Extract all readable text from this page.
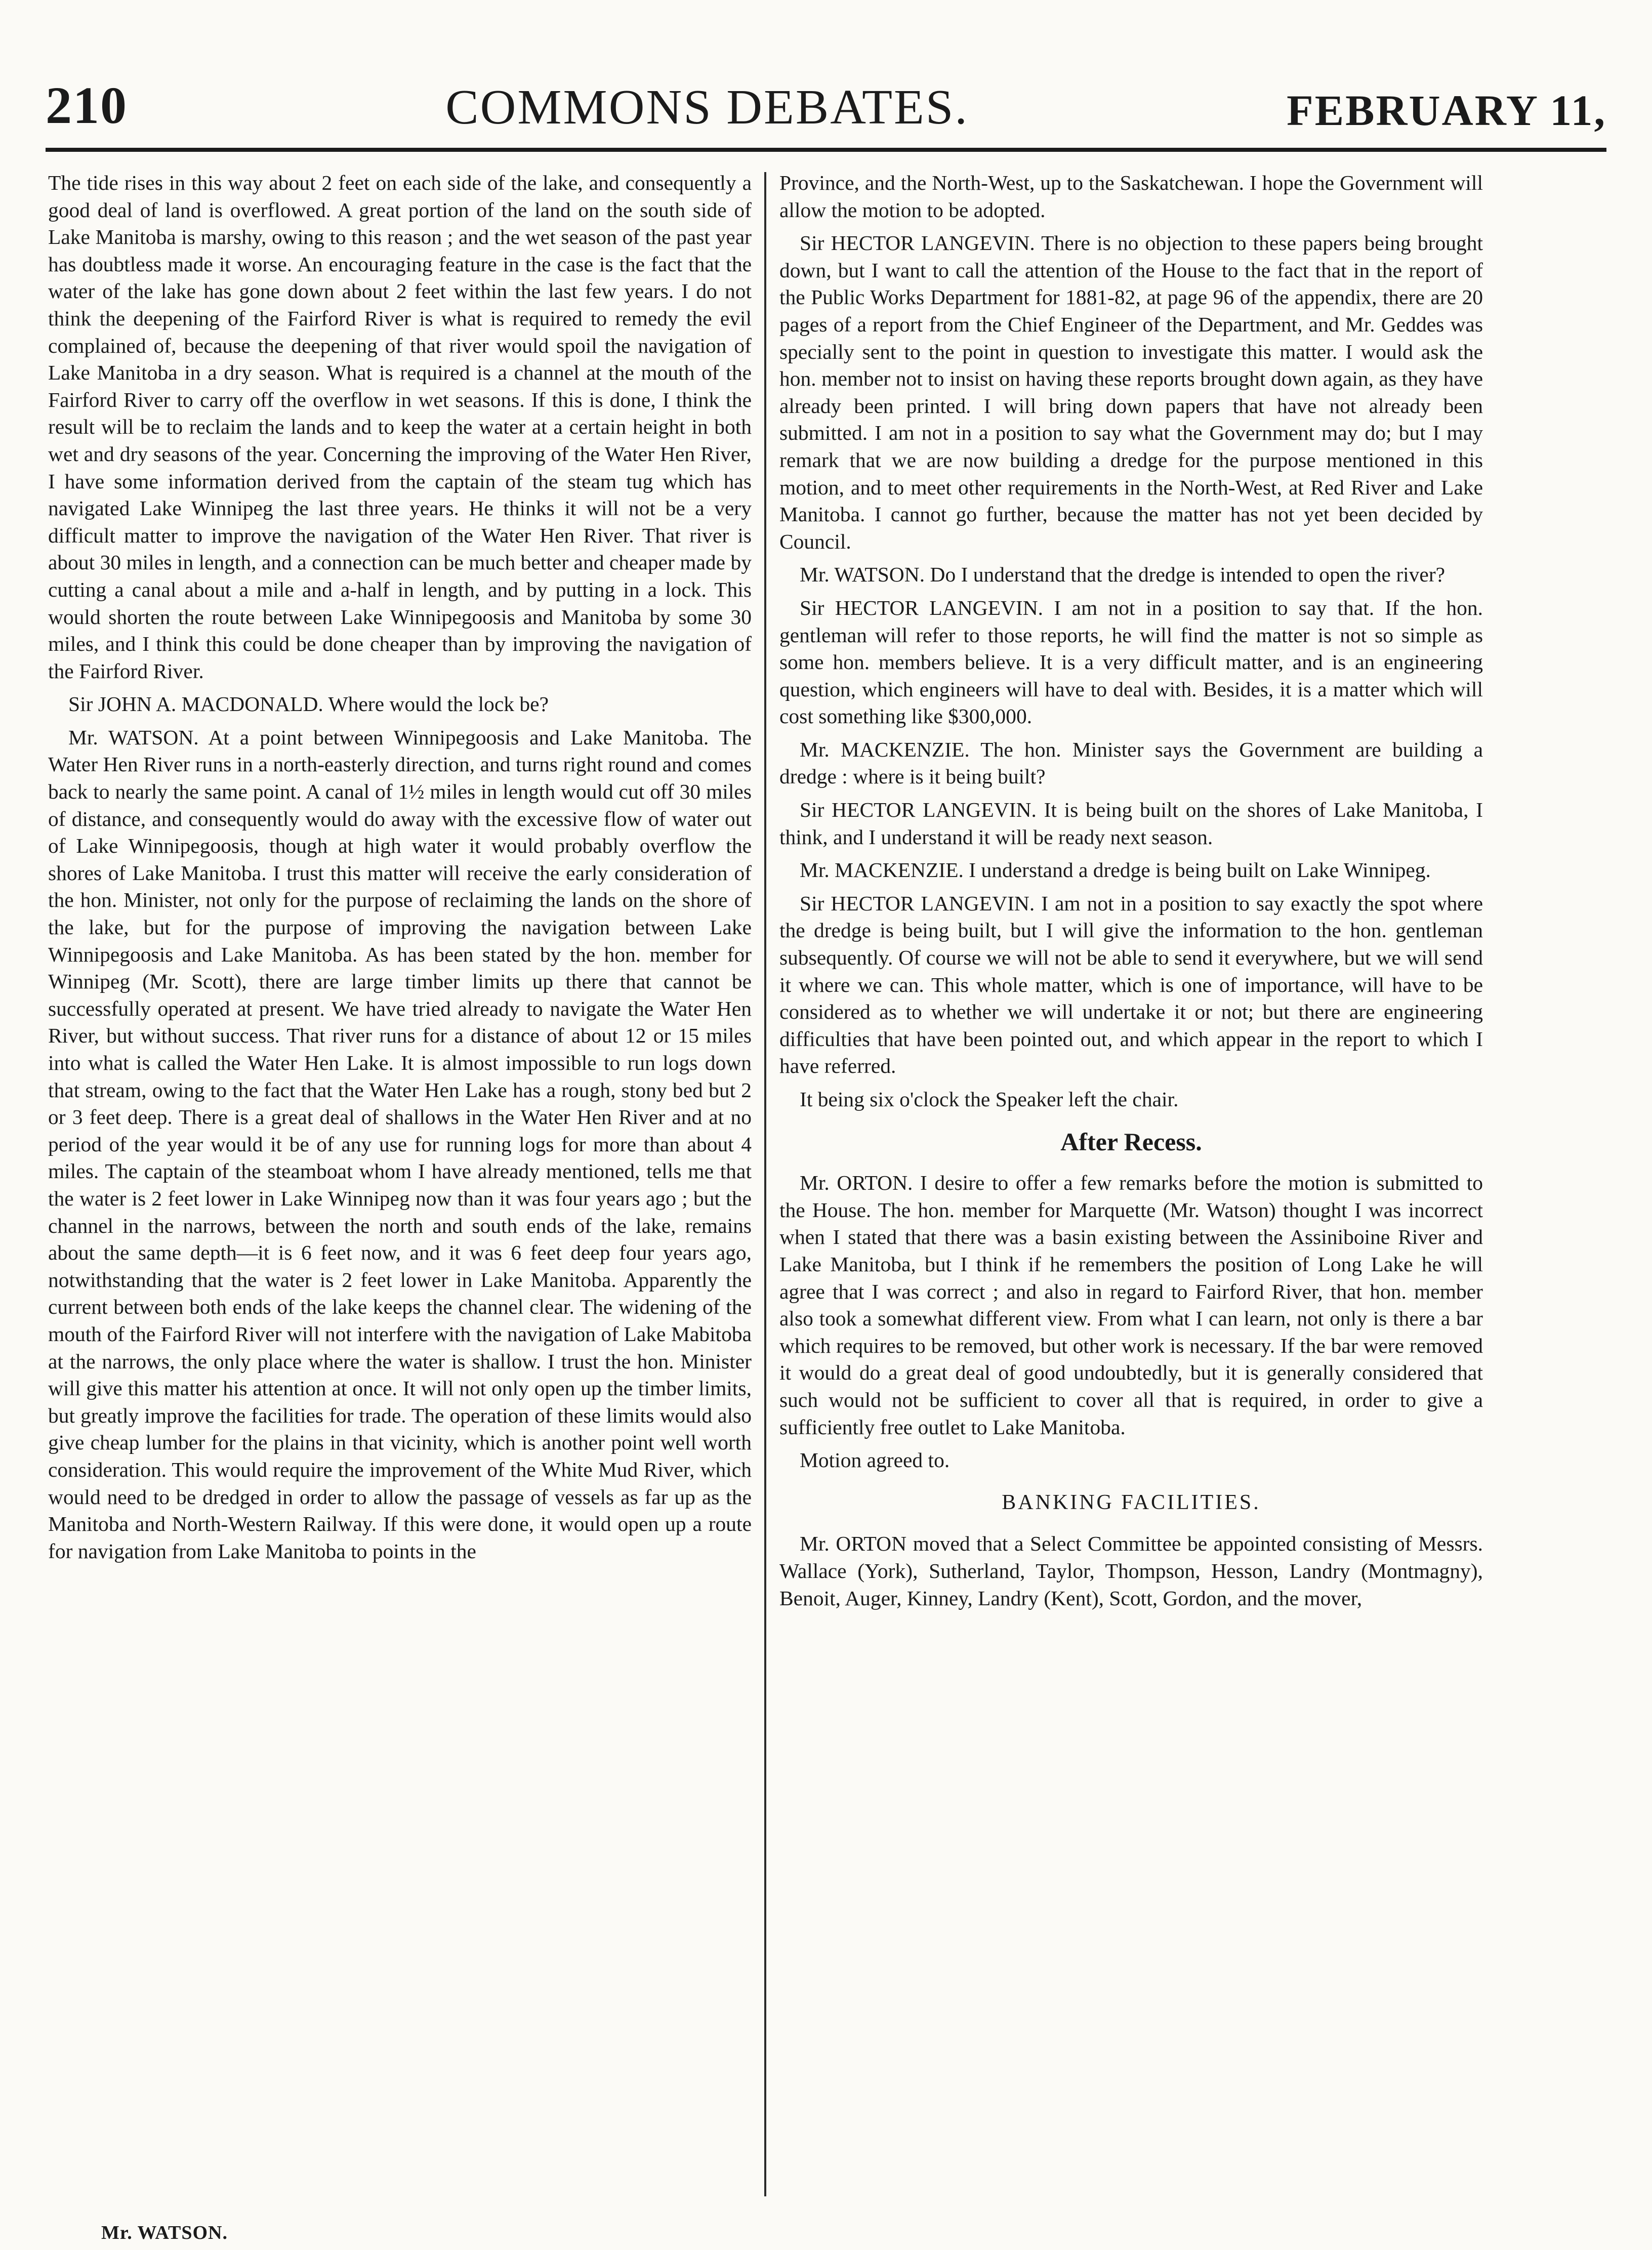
210	COMMONS DEBATES.	FEBRUARY 11,

The tide rises in this way about 2 feet on each side of the lake, and consequently a good deal of land is overflowed. A great portion of the land on the south side of Lake Manitoba is marshy, owing to this reason ; and the wet season of the past year has doubtless made it worse. An encouraging feature in the case is the fact that the water of the lake has gone down about 2 feet within the last few years. I do not think the deepening of the Fairford River is what is required to remedy the evil complained of, because the deepening of that river would spoil the navigation of Lake Manitoba in a dry season. What is required is a channel at the mouth of the Fairford River to carry off the overflow in wet seasons. If this is done, I think the result will be to reclaim the lands and to keep the water at a certain height in both wet and dry seasons of the year. Concerning the improving of the Water Hen River, I have some information derived from the captain of the steam tug which has navigated Lake Winnipeg the last three years. He thinks it will not be a very difficult matter to improve the navigation of the Water Hen River. That river is about 30 miles in length, and a connection can be much better and cheaper made by cutting a canal about a mile and a-half in length, and by putting in a lock. This would shorten the route between Lake Winnipegoosis and Manitoba by some 30 miles, and I think this could be done cheaper than by improving the navigation of the Fairford River.

Sir JOHN A. MACDONALD. Where would the lock be?

Mr. WATSON. At a point between Winnipegoosis and Lake Manitoba. The Water Hen River runs in a north-easterly direction, and turns right round and comes back to nearly the same point. A canal of 1½ miles in length would cut off 30 miles of distance, and consequently would do away with the excessive flow of water out of Lake Winnipegoosis, though at high water it would probably overflow the shores of Lake Manitoba. I trust this matter will receive the early consideration of the hon. Minister, not only for the purpose of reclaiming the lands on the shore of the lake, but for the purpose of improving the navigation between Lake Winnipegoosis and Lake Manitoba. As has been stated by the hon. member for Winnipeg (Mr. Scott), there are large timber limits up there that cannot be successfully operated at present. We have tried already to navigate the Water Hen River, but without success. That river runs for a distance of about 12 or 15 miles into what is called the Water Hen Lake. It is almost impossible to run logs down that stream, owing to the fact that the Water Hen Lake has a rough, stony bed but 2 or 3 feet deep. There is a great deal of shallows in the Water Hen River and at no period of the year would it be of any use for running logs for more than about 4 miles. The captain of the steamboat whom I have already mentioned, tells me that the water is 2 feet lower in Lake Winnipeg now than it was four years ago ; but the channel in the narrows, between the north and south ends of the lake, remains about the same depth—it is 6 feet now, and it was 6 feet deep four years ago, notwithstanding that the water is 2 feet lower in Lake Manitoba. Apparently the current between both ends of the lake keeps the channel clear. The widening of the mouth of the Fairford River will not interfere with the navigation of Lake Mabitoba at the narrows, the only place where the water is shallow. I trust the hon. Minister will give this matter his attention at once. It will not only open up the timber limits, but greatly improve the facilities for trade. The operation of these limits would also give cheap lumber for the plains in that vicinity, which is another point well worth consideration. This would require the improvement of the White Mud River, which would need to be dredged in order to allow the passage of vessels as far up as the Manitoba and North-Western Railway. If this were done, it would open up a route for navigation from Lake Manitoba to points in the

Province, and the North-West, up to the Saskatchewan. I hope the Government will allow the motion to be adopted.

Sir HECTOR LANGEVIN. There is no objection to these papers being brought down, but I want to call the attention of the House to the fact that in the report of the Public Works Department for 1881-82, at page 96 of the appendix, there are 20 pages of a report from the Chief Engineer of the Department, and Mr. Geddes was specially sent to the point in question to investigate this matter. I would ask the hon. member not to insist on having these reports brought down again, as they have already been printed. I will bring down papers that have not already been submitted. I am not in a position to say what the Government may do; but I may remark that we are now building a dredge for the purpose mentioned in this motion, and to meet other requirements in the North-West, at Red River and Lake Manitoba. I cannot go further, because the matter has not yet been decided by Council.

Mr. WATSON. Do I understand that the dredge is intended to open the river?

Sir HECTOR LANGEVIN. I am not in a position to say that. If the hon. gentleman will refer to those reports, he will find the matter is not so simple as some hon. members believe. It is a very difficult matter, and is an engineering question, which engineers will have to deal with. Besides, it is a matter which will cost something like $300,000.

Mr. MACKENZIE. The hon. Minister says the Government are building a dredge : where is it being built?

Sir HECTOR LANGEVIN. It is being built on the shores of Lake Manitoba, I think, and I understand it will be ready next season.

Mr. MACKENZIE. I understand a dredge is being built on Lake Winnipeg.

Sir HECTOR LANGEVIN. I am not in a position to say exactly the spot where the dredge is being built, but I will give the information to the hon. gentleman subsequently. Of course we will not be able to send it everywhere, but we will send it where we can. This whole matter, which is one of importance, will have to be considered as to whether we will undertake it or not; but there are engineering difficulties that have been pointed out, and which appear in the report to which I have referred.

It being six o'clock the Speaker left the chair.

After Recess.

Mr. ORTON. I desire to offer a few remarks before the motion is submitted to the House. The hon. member for Marquette (Mr. Watson) thought I was incorrect when I stated that there was a basin existing between the Assiniboine River and Lake Manitoba, but I think if he remembers the position of Long Lake he will agree that I was correct ; and also in regard to Fairford River, that hon. member also took a somewhat different view. From what I can learn, not only is there a bar which requires to be removed, but other work is necessary. If the bar were removed it would do a great deal of good undoubtedly, but it is generally considered that such would not be sufficient to cover all that is required, in order to give a sufficiently free outlet to Lake Manitoba.

Motion agreed to.

BANKING FACILITIES.

Mr. ORTON moved that a Select Committee be appointed consisting of Messrs. Wallace (York), Sutherland, Taylor, Thompson, Hesson, Landry (Montmagny), Benoit, Auger, Kinney, Landry (Kent), Scott, Gordon, and the mover,

Mr. WATSON.
